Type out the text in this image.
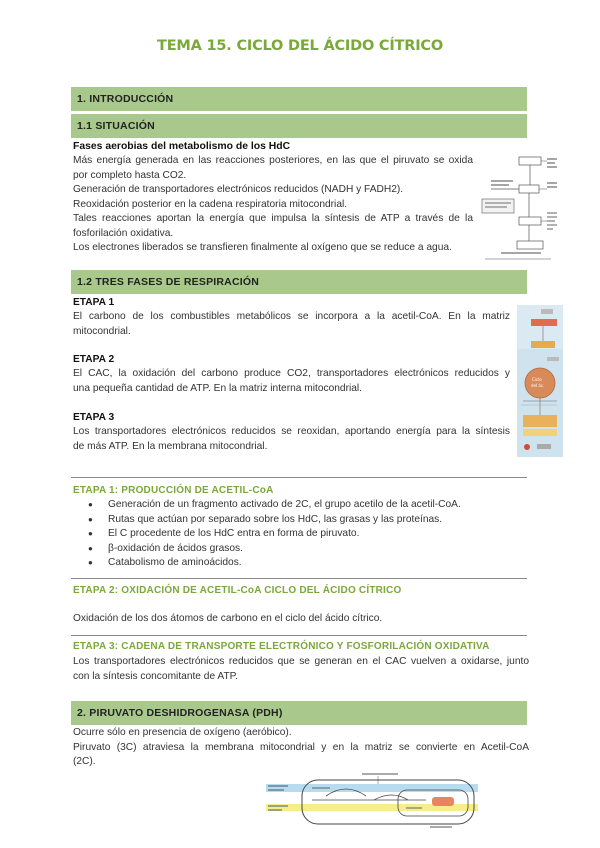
TEMA 15. CICLO DEL ÁCIDO CÍTRICO
1. INTRODUCCIÓN
1.1 SITUACIÓN
Fases aerobias del metabolismo de los HdC
Más energía generada en las reacciones posteriores, en las que el piruvato se oxida
por completo hasta CO2.
Generación de transportadores electrónicos reducidos (NADH y FADH2).
Reoxidación posterior en la cadena respiratoria mitocondrial.
Tales reacciones aportan la energía que impulsa la síntesis de ATP a través de la
fosforilación oxidativa.
Los electrones liberados se transfieren finalmente al oxígeno que se reduce a agua.
1.2 TRES FASES DE RESPIRACIÓN
ETAPA 1
El carbono de los combustibles metabólicos se incorpora a la acetil-CoA. En la matriz
mitocondrial.
ETAPA 2
El CAC, la oxidación del carbono produce CO2, transportadores electrónicos reducidos y
una pequeña cantidad de ATP. En la matriz interna mitocondrial.
ETAPA 3
Los transportadores electrónicos reducidos se reoxidan, aportando energía para la síntesis
de más ATP. En la membrana mitocondrial.
Ciclo
del ác.
ETAPA 1: PRODUCCIÓN DE ACETIL-CoA
● Generación de un fragmento activado de 2C, el grupo acetilo de la acetil-CoA.
● Rutas que actúan por separado sobre los HdC, las grasas y las proteínas.
● El C procedente de los HdC entra en forma de piruvato.
● β-oxidación de ácidos grasos.
● Catabolismo de aminoácidos.
ETAPA 2: OXIDACIÓN DE ACETIL-CoA CICLO DEL ÁCIDO CÍTRICO
Oxidación de los dos átomos de carbono en el ciclo del ácido cítrico.
ETAPA 3: CADENA DE TRANSPORTE ELECTRÓNICO Y FOSFORILACIÓN OXIDATIVA
Los transportadores electrónicos reducidos que se generan en el CAC vuelven a oxidarse, junto
con la síntesis concomitante de ATP.
2. PIRUVATO DESHIDROGENASA (PDH)
Ocurre sólo en presencia de oxígeno (aeróbico).
Piruvato (3C) atraviesa la membrana mitocondrial y en la matriz se convierte en Acetil-CoA
(2C).
